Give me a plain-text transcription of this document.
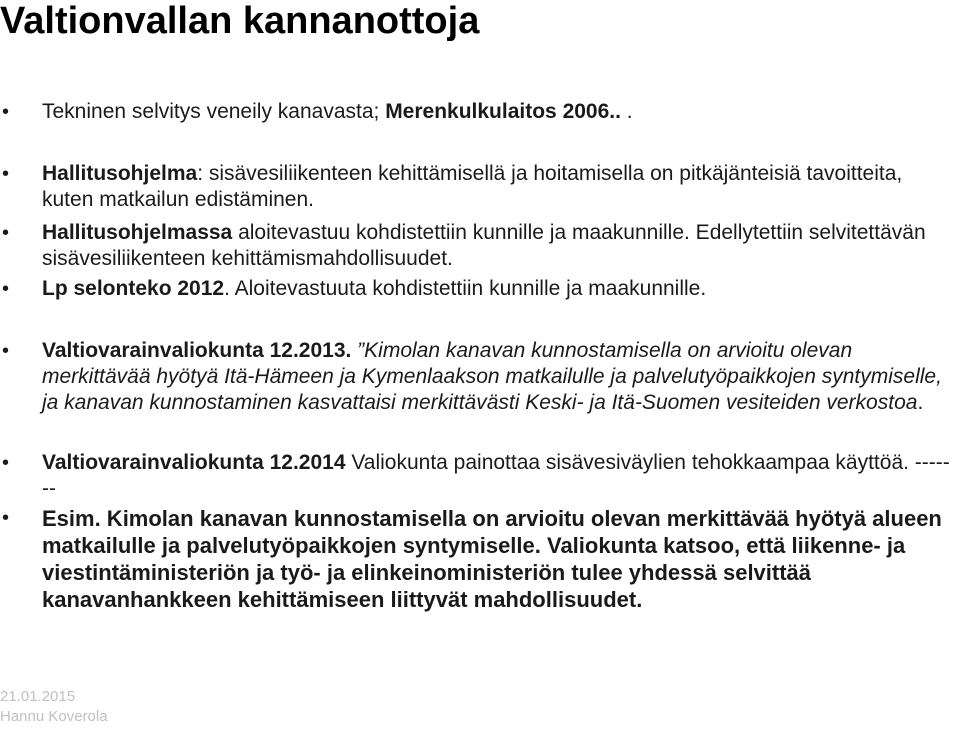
Valtionvallan kannanottoja
• Tekninen selvitys veneily kanavasta; Merenkulkulaitos 2006.. .
• Hallitusohjelma: sisävesiliikenteen kehittämisellä ja hoitamisella on pitkäjänteisiä tavoitteita, kuten matkailun edistäminen.
• Hallitusohjelmassa aloitevastuu kohdistettiin kunnille ja maakunnille. Edellytettiin selvitettävän sisävesiliikenteen kehittämismahdollisuudet.
• Lp selonteko 2012. Aloitevastuuta kohdistettiin kunnille ja maakunnille.
• Valtiovarainvaliokunta 12.2013. ”Kimolan kanavan kunnostamisella on arvioitu olevan merkittävää hyötyä Itä-Hämeen ja Kymenlaakson matkailulle ja palvelutyöpaikkojen syntymiselle, ja kanavan kunnostaminen kasvattaisi merkittävästi Keski- ja Itä-Suomen vesiteiden verkostoa.
• Valtiovarainvaliokunta 12.2014 Valiokunta painottaa sisävesiväylien tehokkaampaa käyttöä. -------
• Esim. Kimolan kanavan kunnostamisella on arvioitu olevan merkittävää hyötyä alueen matkailulle ja palvelutyöpaikkojen syntymiselle. Valiokunta katsoo, että liikenne- ja viestintäministeriön ja työ- ja elinkeinoministeriön tulee yhdessä selvittää kanavanhankkeen kehittämiseen liittyvät mahdollisuudet.
21.01.2015
Hannu Koverola
